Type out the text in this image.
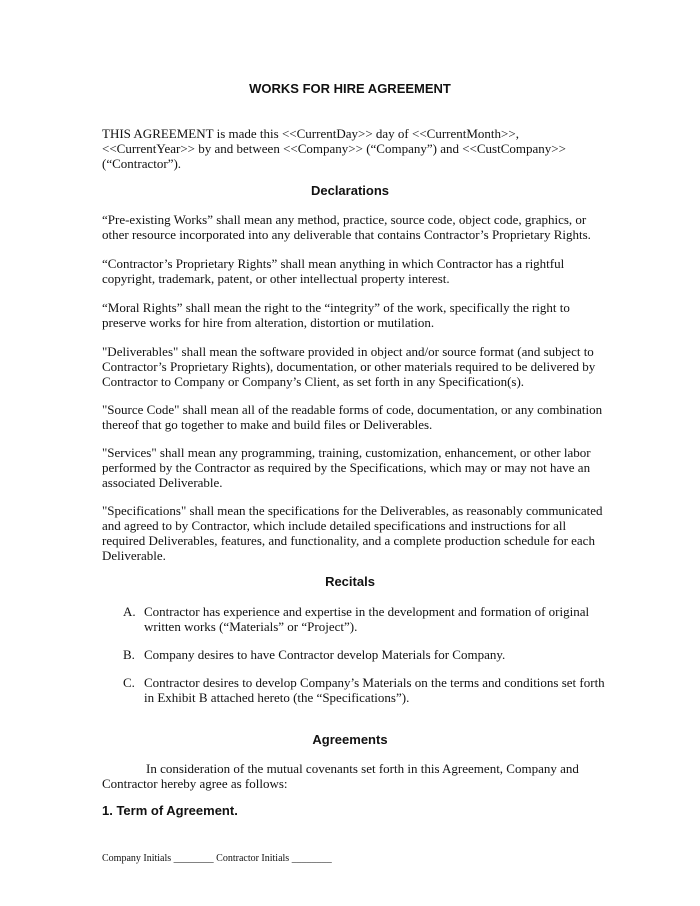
WORKS FOR HIRE AGREEMENT
THIS AGREEMENT is made this <<CurrentDay>> day of <<CurrentMonth>>,
<<CurrentYear>> by and between <<Company>> (“Company”) and <<CustCompany>>
(“Contractor”).
Declarations
“Pre-existing Works” shall mean any method, practice, source code, object code, graphics, or
other resource incorporated into any deliverable that contains Contractor’s Proprietary Rights.
“Contractor’s Proprietary Rights” shall mean anything in which Contractor has a rightful
copyright, trademark, patent, or other intellectual property interest.
“Moral Rights” shall mean the right to the “integrity” of the work, specifically the right to
preserve works for hire from alteration, distortion or mutilation.
"Deliverables" shall mean the software provided in object and/or source format (and subject to
Contractor’s Proprietary Rights), documentation, or other materials required to be delivered by
Contractor to Company or Company’s Client, as set forth in any Specification(s).
"Source Code" shall mean all of the readable forms of code, documentation, or any combination
thereof that go together to make and build files or Deliverables.
"Services" shall mean any programming, training, customization, enhancement, or other labor
performed by the Contractor as required by the Specifications, which may or may not have an
associated Deliverable.
"Specifications" shall mean the specifications for the Deliverables, as reasonably communicated
and agreed to by Contractor, which include detailed specifications and instructions for all
required Deliverables, features, and functionality, and a complete production schedule for each
Deliverable.
Recitals
A. Contractor has experience and expertise in the development and formation of original
written works (“Materials” or “Project”).
B. Company desires to have Contractor develop Materials for Company.
C. Contractor desires to develop Company’s Materials on the terms and conditions set forth
in Exhibit B attached hereto (the “Specifications”).
Agreements
In consideration of the mutual covenants set forth in this Agreement, Company and
Contractor hereby agree as follows:
1. Term of Agreement.
Company Initials ________ Contractor Initials ________
